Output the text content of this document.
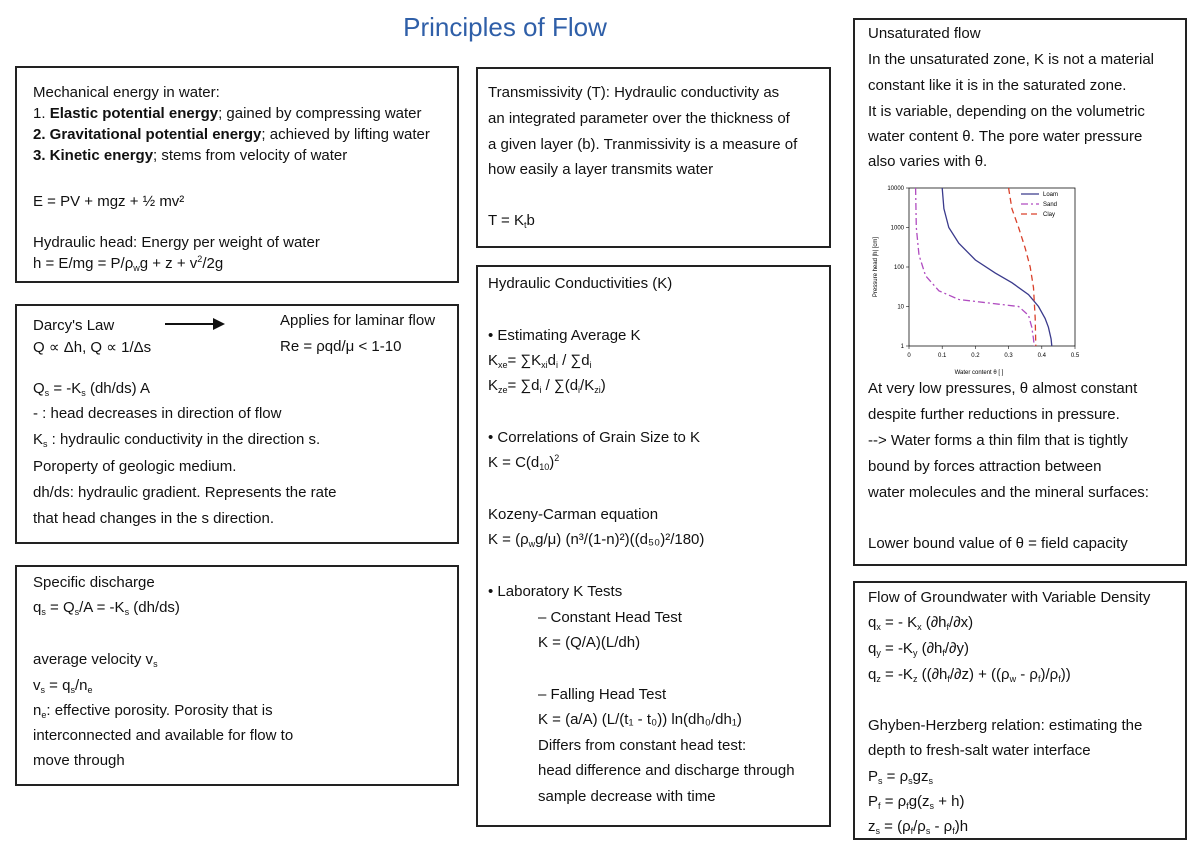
Principles of Flow
Mechanical energy in water:
1. Elastic potential energy; gained by compressing water
2. Gravitational potential energy; achieved by lifting water
3. Kinetic energy; stems from velocity of water
E = PV + mgz + ½ mv²
Hydraulic head: Energy per weight of water
$h = E/mg = P/\rho_wg + z + v^2/2g$
Darcy's Law	Applies for laminar flow
Q ∝ Δh, Q ∝ 1/Δs	Re = ρqd/μ < 1-10
$Q_s = -K_s$ (dh/ds) A
- : head decreases in direction of flow
$K_s$ : hydraulic conductivity in the direction s.
Poroperty of geologic medium.
dh/ds: hydraulic gradient. Represents the rate
that head changes in the s direction.
Specific discharge
$q_s = Q_s/A = -K_s$ (dh/ds)
average velocity $v_s$
$v_s = q_s/n_e$
$n_e$: effective porosity. Porosity that is
interconnected and available for flow to
move through
Transmissivity (T): Hydraulic conductivity as
an integrated parameter over the thickness of
a given layer (b). Tranmissivity is a measure of
how easily a layer transmits water
$T = K_tb$
Hydraulic Conductivities (K)
• Estimating Average K
$K_{xe}= \sum K_{xi}d_i / \sum d_i$
$K_{ze}= \sum d_i / \sum(d_i/K_{zi})$
• Correlations of Grain Size to K
$K = C(d_{10})^2$
Kozeny-Carman equation
$K = (\rho_wg/\mu)$ (n³/(1-n)²)((d₅₀)²/180)
• Laboratory K Tests
– Constant Head Test
K = (Q/A)(L/dh)
– Falling Head Test
K = (a/A) (L/(t₁ - t₀)) ln(dh₀/dh₁)
Differs from constant head test:
head difference and discharge through
sample decrease with time
Unsaturated flow
In the unsaturated zone, K is not a material
constant like it is in the saturated zone.
It is variable, depending on the volumetric
water content θ. The pore water pressure
also varies with θ.
0	0.1	0.2	0.3	0.4	0.5
1
10
100
1000
10000
Loam
Sand
Clay
Water content θ [ ]
Pressure head |h| [cm]
At very low pressures, θ almost constant
despite further reductions in pressure.
--> Water forms a thin film that is tightly
bound by forces attraction between
water molecules and the mineral surfaces:
Lower bound value of θ = field capacity
Flow of Groundwater with Variable Density
$q_x$ = - $K_x$ $(\partial h_f/\partial x)$
$q_y = -K_y$ $(\partial h_f/\partial y)$
$q_z = -K_z$ $((\partial h_f/\partial z) + ((\rho_w - \rho_f)/\rho_f))$
Ghyben-Herzberg relation: estimating the
depth to fresh-salt water interface
$P_s = \rho_sgz_s$
$P_f = \rho_fg(z_s + h)$
$z_s = (\rho_f/\rho_s - \rho_f)h$
